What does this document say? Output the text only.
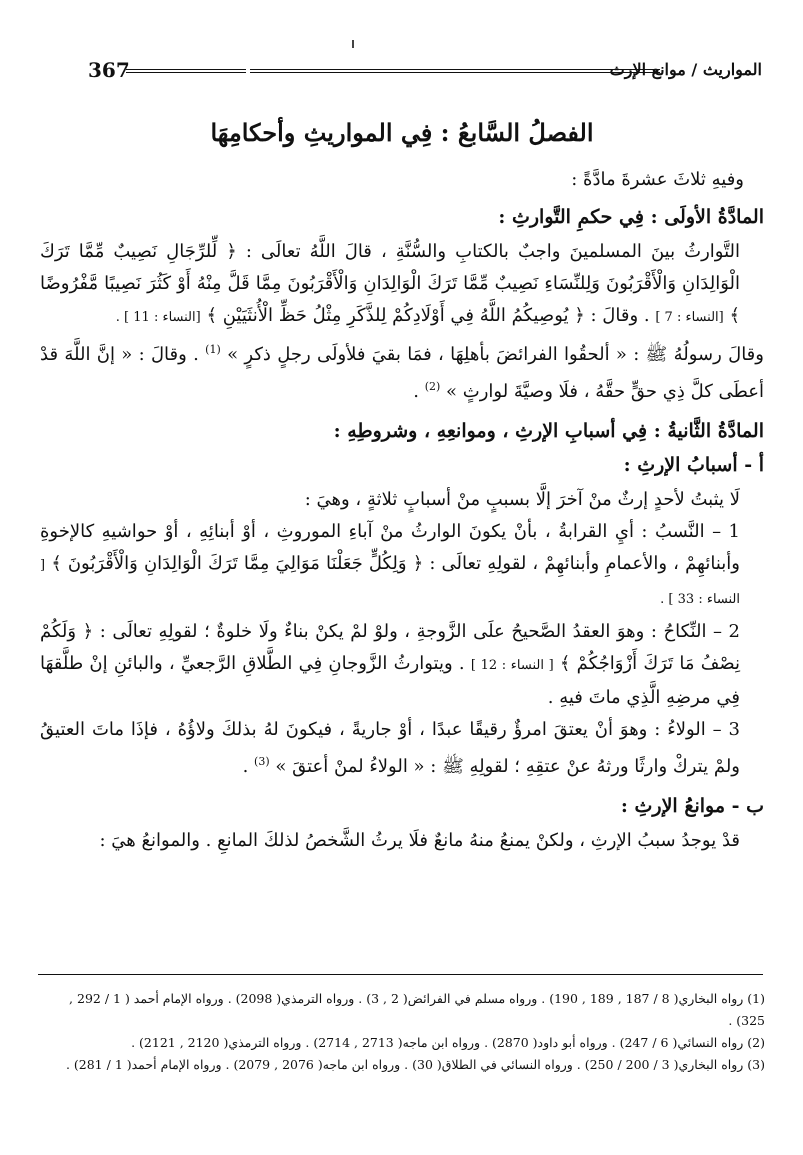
367	المواريث / موانع الإرث
الفصلُ السَّابعُ : فِي المواريثِ وأحكامِهَا
وفيهِ ثلاثَ عشرةَ مادَّةً :
المادَّةُ الأولَى : فِي حكمِ التَّوارثِ :

التَّوارثُ بينَ المسلمينَ واجبٌ بالكتابِ والسُّنَّةِ ، قالَ اللَّهُ تعالَى : ﴿ لِّلرِّجَالِ نَصِيبٌ مِّمَّا تَرَكَ الْوَالِدَانِ وَالْأَقْرَبُونَ وَلِلنِّسَاءِ نَصِيبٌ مِّمَّا تَرَكَ الْوَالِدَانِ وَالْأَقْرَبُونَ مِمَّا قَلَّ مِنْهُ أَوْ كَثُرَ نَصِيبًا مَّفْرُوضًا ﴾ [النساء : 7 ] . وقالَ : ﴿ يُوصِيكُمُ اللَّهُ فِي أَوْلَادِكُمْ لِلذَّكَرِ مِثْلُ حَظِّ الْأُنثَيَيْنِ ﴾ [النساء : 11 ] .

وقالَ رسولُهُ ﷺ : « ألحقُوا الفرائضَ بأهلِهَا ، فمَا بقيَ فلأولَى رجلٍ ذكرٍ » $^{(1)}$ . وقالَ : « إنَّ اللَّهَ قدْ أعطَى كلَّ ذِي حقٍّ حقَّهُ ، فلَا وصيَّةَ لوارثٍ » $^{(2)}$ .

المادَّةُ الثَّانيةُ : فِي أسبابِ الإرثِ ، وموانعِهِ ، وشروطِهِ :
أ - أسبابُ الإرثِ :

لَا يثبتُ لأحدٍ إرثٌ منْ آخرَ إلَّا بسببٍ منْ أسبابٍ ثلاثةٍ ، وهيَ :

1 – النَّسبُ : أيِ القرابةُ ، بأنْ يكونَ الوارثُ منْ آباءِ الموروثِ ، أوْ أبنائِهِ ، أوْ حواشيهِ كالإخوةِ وأبنائهِمْ ، والأعمامِ وأبنائهِمْ ، لقولِهِ تعالَى : ﴿ وَلِكُلٍّ جَعَلْنَا مَوَالِيَ مِمَّا تَرَكَ الْوَالِدَانِ وَالْأَقْرَبُونَ ﴾ [ النساء : 33 ] .

2 – النِّكاحُ : وهوَ العقدُ الصَّحيحُ علَى الزَّوجةِ ، ولوْ لمْ يكنْ بناءٌ ولَا خلوةٌ ؛ لقولِهِ تعالَى : ﴿ وَلَكُمْ نِصْفُ مَا تَرَكَ أَزْوَاجُكُمْ ﴾ [ النساء : 12 ] . ويتوارثُ الزَّوجانِ فِي الطَّلاقِ الرَّجعيِّ ، والبائنِ إنْ طلَّقهَا فِي مرضِهِ الَّذِي ماتَ فيهِ .

3 – الولاءُ : وهوَ أنْ يعتقَ امرؤٌ رقيقًا عبدًا ، أوْ جاريةً ، فيكونَ لهُ بذلكَ ولاؤُهُ ، فإذَا ماتَ العتيقُ ولمْ يتركْ وارثًا ورثهُ عنْ عتقِهِ ؛ لقولِهِ ﷺ : « الولاءُ لمنْ أعتقَ » $^{(3)}$ .

ب - موانعُ الإرثِ :

قدْ يوجدُ سببُ الإرثِ ، ولكنْ يمنعُ منهُ مانعٌ فلَا يرثُ الشَّخصُ لذلكَ المانعِ . والموانعُ هيَ :

(1) رواه البخاري( 8 / 187 , 189 , 190) . ورواه مسلم في الفرائض( 2 , 3) . ورواه الترمذي( 2098) . ورواه الإمام أحمد ( 1 / 292 , 325) .
(2) رواه النسائي( 6 / 247) . ورواه أبو داود( 2870) . ورواه ابن ماجه( 2713 , 2714) . ورواه الترمذي( 2120 , 2121) .
(3) رواه البخاري( 3 / 200 / 250) . ورواه النسائي في الطلاق( 30) . ورواه ابن ماجه( 2076 , 2079) . ورواه الإمام أحمد( 1 / 281) .
